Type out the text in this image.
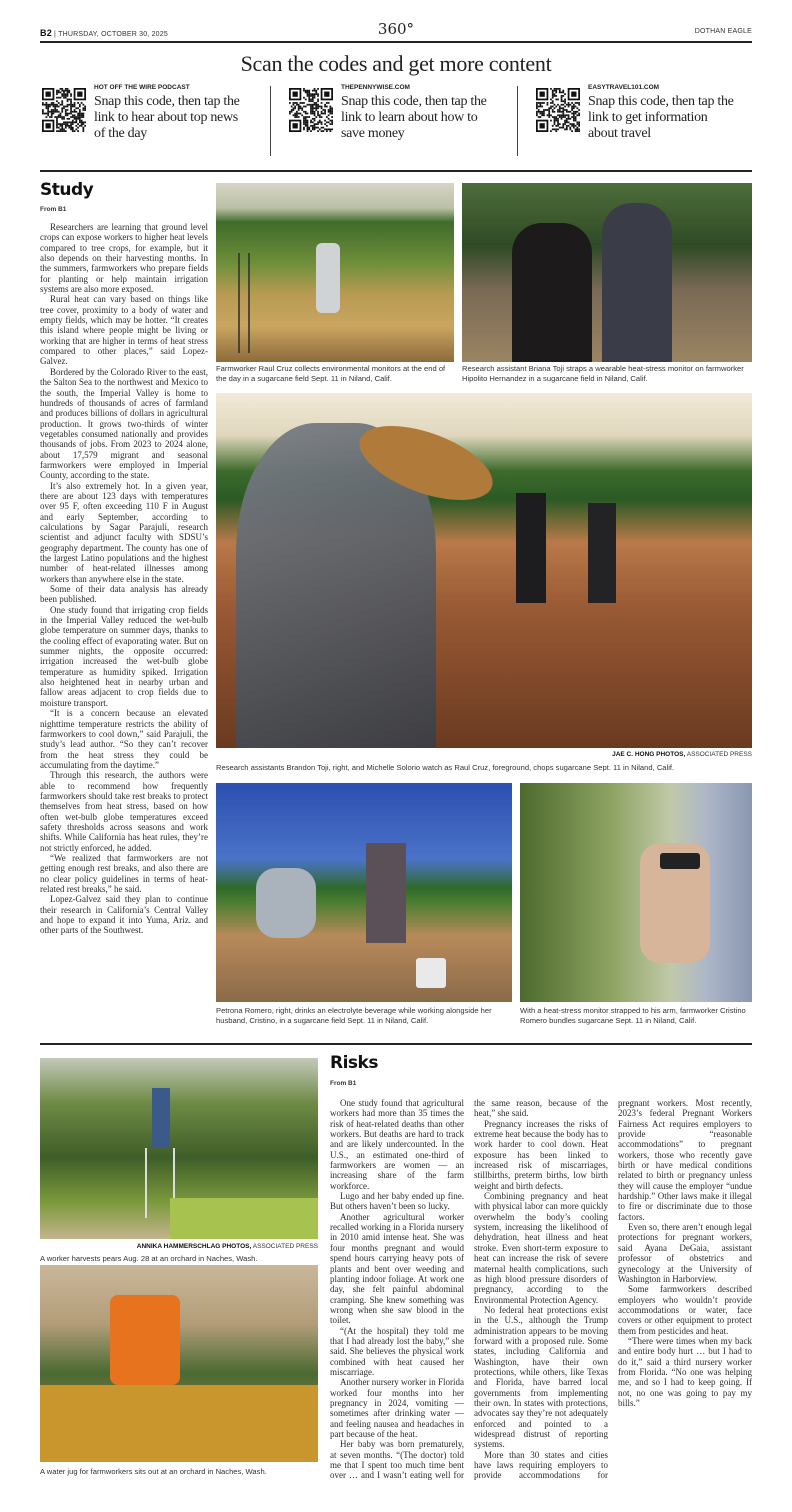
B2 | THURSDAY, OCTOBER 30, 2025	360°	DOTHAN EAGLE
Scan the codes and get more content
HOT OFF THE WIRE PODCAST
Snap this code, then tap the link to hear about top news of the day
THEPENNYWISE.COM
Snap this code, then tap the link to learn about how to save money
EASYTRAVEL101.COM
Snap this code, then tap the link to get information about travel
Study
From B1

Researchers are learning that ground level crops can expose workers to higher heat levels compared to tree crops, for example, but it also depends on their harvesting months. In the summers, farmworkers who prepare fields for planting or help maintain irrigation systems are also more exposed.

Rural heat can vary based on things like tree cover, proximity to a body of water and empty fields, which may be hotter. “It creates this island where people might be living or working that are higher in terms of heat stress compared to other places,” said Lopez-Galvez.

Bordered by the Colorado River to the east, the Salton Sea to the northwest and Mexico to the south, the Imperial Valley is home to hundreds of thousands of acres of farmland and produces billions of dollars in agricultural production. It grows two-thirds of winter vegetables consumed nationally and provides thousands of jobs. From 2023 to 2024 alone, about 17,579 migrant and seasonal farmworkers were employed in Imperial County, according to the state.

It’s also extremely hot. In a given year, there are about 123 days with temperatures over 95 F, often exceeding 110 F in August and early September, according to calculations by Sagar Parajuli, research scientist and adjunct faculty with SDSU’s geography department. The county has one of the largest Latino populations and the highest number of heat-related illnesses among workers than anywhere else in the state.

Some of their data analysis has already been published.

One study found that irrigating crop fields in the Imperial Valley reduced the wet-bulb globe temperature on summer days, thanks to the cooling effect of evaporating water. But on summer nights, the opposite occurred: irrigation increased the wet-bulb globe temperature as humidity spiked. Irrigation also heightened heat in nearby urban and fallow areas adjacent to crop fields due to moisture transport.

“It is a concern because an elevated nighttime temperature restricts the ability of farmworkers to cool down,” said Parajuli, the study’s lead author. “So they can’t recover from the heat stress they could be accumulating from the daytime.”

Through this research, the authors were able to recommend how frequently farmworkers should take rest breaks to protect themselves from heat stress, based on how often wet-bulb globe temperatures exceed safety thresholds across seasons and work shifts. While California has heat rules, they’re not strictly enforced, he added.

“We realized that farmworkers are not getting enough rest breaks, and also there are no clear policy guidelines in terms of heat-related rest breaks,” he said.

Lopez-Galvez said they plan to continue their research in California’s Central Valley and hope to expand it into Yuma, Ariz. and other parts of the Southwest.

Farmworker Raul Cruz collects environmental monitors at the end of the day in a sugarcane field Sept. 11 in Niland, Calif.
Research assistant Briana Toji straps a wearable heat-stress monitor on farmworker Hipolito Hernandez in a sugarcane field in Niland, Calif.
JAE C. HONG PHOTOS, ASSOCIATED PRESS
Research assistants Brandon Toji, right, and Michelle Solorio watch as Raul Cruz, foreground, chops sugarcane Sept. 11 in Niland, Calif.
Petrona Romero, right, drinks an electrolyte beverage while working alongside her husband, Cristino, in a sugarcane field Sept. 11 in Niland, Calif.
With a heat-stress monitor strapped to his arm, farmworker Cristino Romero bundles sugarcane Sept. 11 in Niland, Calif.
ANNIKA HAMMERSCHLAG PHOTOS, ASSOCIATED PRESS
A worker harvests pears Aug. 28 at an orchard in Naches, Wash.
A water jug for farmworkers sits out at an orchard in Naches, Wash.
Risks
From B1

One study found that agricultural workers had more than 35 times the risk of heat-related deaths than other workers. But deaths are hard to track and are likely undercounted. In the U.S., an estimated one-third of farmworkers are women — an increasing share of the farm workforce.

Lugo and her baby ended up fine. But others haven’t been so lucky.

Another agricultural worker recalled working in a Florida nursery in 2010 amid intense heat. She was four months pregnant and would spend hours carrying heavy pots of plants and bent over weeding and planting indoor foliage. At work one day, she felt painful abdominal cramping. She knew something was wrong when she saw blood in the toilet.

“(At the hospital) they told me that I had already lost the baby,” she said. She believes the physical work combined with heat caused her miscarriage.

Another nursery worker in Florida worked four months into her pregnancy in 2024, vomiting — sometimes after drinking water — and feeling nausea and headaches in part because of the heat.

Her baby was born prematurely, at seven months. “(The doctor) told me that I spent too much time bent over … and I wasn’t eating well for the same reason, because of the heat,” she said.

Pregnancy increases the risks of extreme heat because the body has to work harder to cool down. Heat exposure has been linked to increased risk of miscarriages, stillbirths, preterm births, low birth weight and birth defects.

Combining pregnancy and heat with physical labor can more quickly overwhelm the body’s cooling system, increasing the likelihood of dehydration, heat illness and heat stroke. Even short-term exposure to heat can increase the risk of severe maternal health complications, such as high blood pressure disorders of pregnancy, according to the Environmental Protection Agency.

No federal heat protections exist in the U.S., although the Trump administration appears to be moving forward with a proposed rule. Some states, including California and Washington, have their own protections, while others, like Texas and Florida, have barred local governments from implementing their own. In states with protections, advocates say they’re not adequately enforced and pointed to a widespread distrust of reporting systems.

More than 30 states and cities have laws requiring employers to provide accommodations for pregnant workers. Most recently, 2023’s federal Pregnant Workers Fairness Act requires employers to provide “reasonable accommodations” to pregnant workers, those who recently gave birth or have medical conditions related to birth or pregnancy unless they will cause the employer “undue hardship.” Other laws make it illegal to fire or discriminate due to those factors.

Even so, there aren’t enough legal protections for pregnant workers, said Ayana DeGaia, assistant professor of obstetrics and gynecology at the University of Washington in Harborview.

Some farmworkers described employers who wouldn’t provide accommodations or water, face covers or other equipment to protect them from pesticides and heat.

“There were times when my back and entire body hurt … but I had to do it,” said a third nursery worker from Florida. “No one was helping me, and so I had to keep going. If not, no one was going to pay my bills.”
